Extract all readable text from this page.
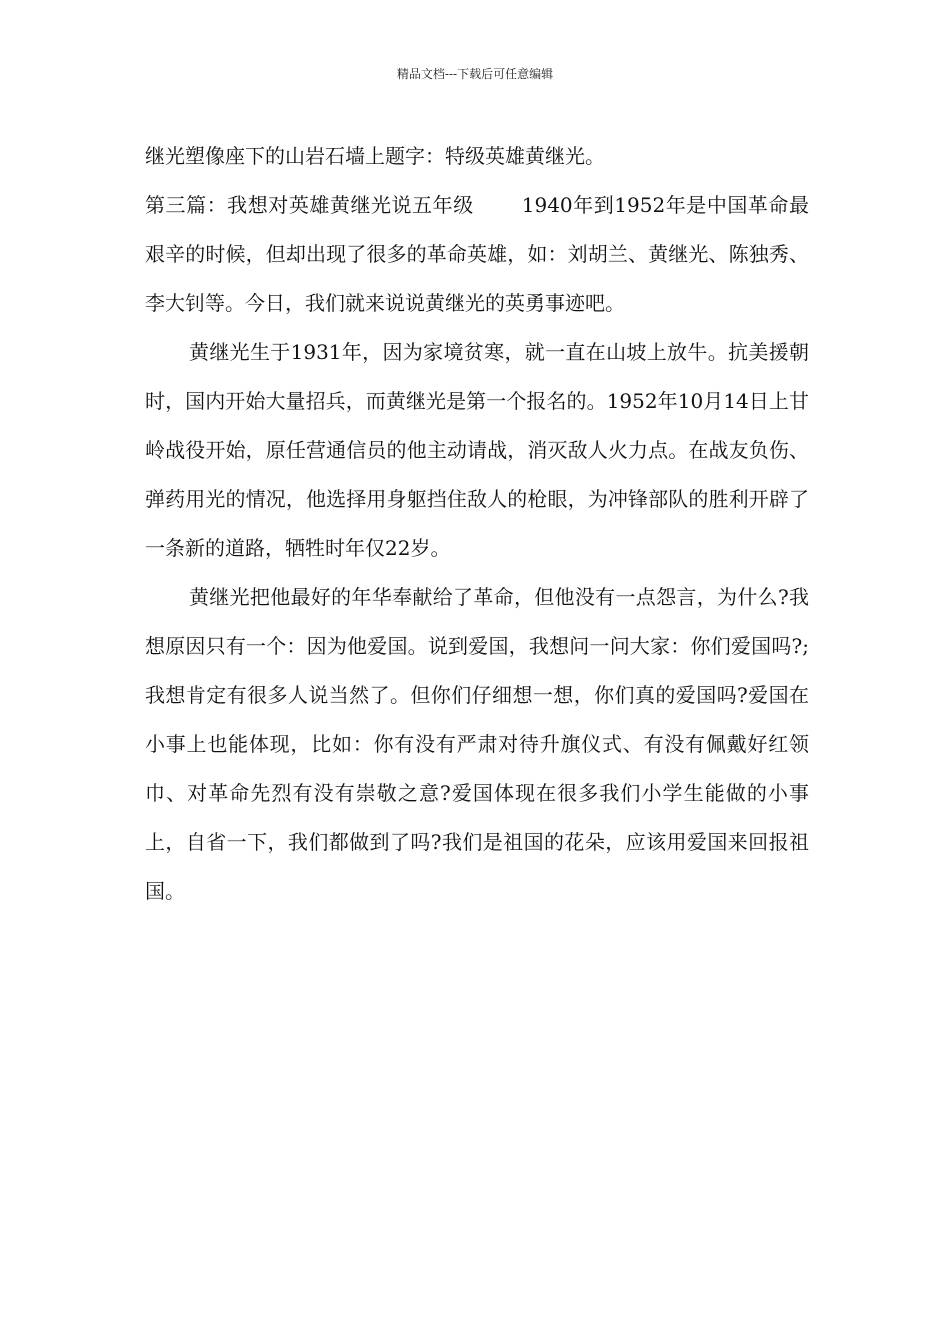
精品文档---下载后可任意编辑

继光塑像座下的山岩石墙上题字：特级英雄黄继光。

第三篇：我想对英雄黄继光说五年级 1940年到1952年是中国革命最艰辛的时候，但却出现了很多的革命英雄，如：刘胡兰、黄继光、陈独秀、李大钊等。今日，我们就来说说黄继光的英勇事迹吧。

黄继光生于1931年，因为家境贫寒，就一直在山坡上放牛。抗美援朝时，国内开始大量招兵，而黄继光是第一个报名的。1952年10月14日上甘岭战役开始，原任营通信员的他主动请战，消灭敌人火力点。在战友负伤、弹药用光的情况，他选择用身躯挡住敌人的枪眼，为冲锋部队的胜利开辟了一条新的道路，牺牲时年仅22岁。

黄继光把他最好的年华奉献给了革命，但他没有一点怨言，为什么?我想原因只有一个：因为他爱国。说到爱国，我想问一问大家：你们爱国吗?;我想肯定有很多人说当然了。但你们仔细想一想，你们真的爱国吗?爱国在小事上也能体现，比如：你有没有严肃对待升旗仪式、有没有佩戴好红领巾、对革命先烈有没有崇敬之意?爱国体现在很多我们小学生能做的小事上，自省一下，我们都做到了吗?我们是祖国的花朵，应该用爱国来回报祖国。
